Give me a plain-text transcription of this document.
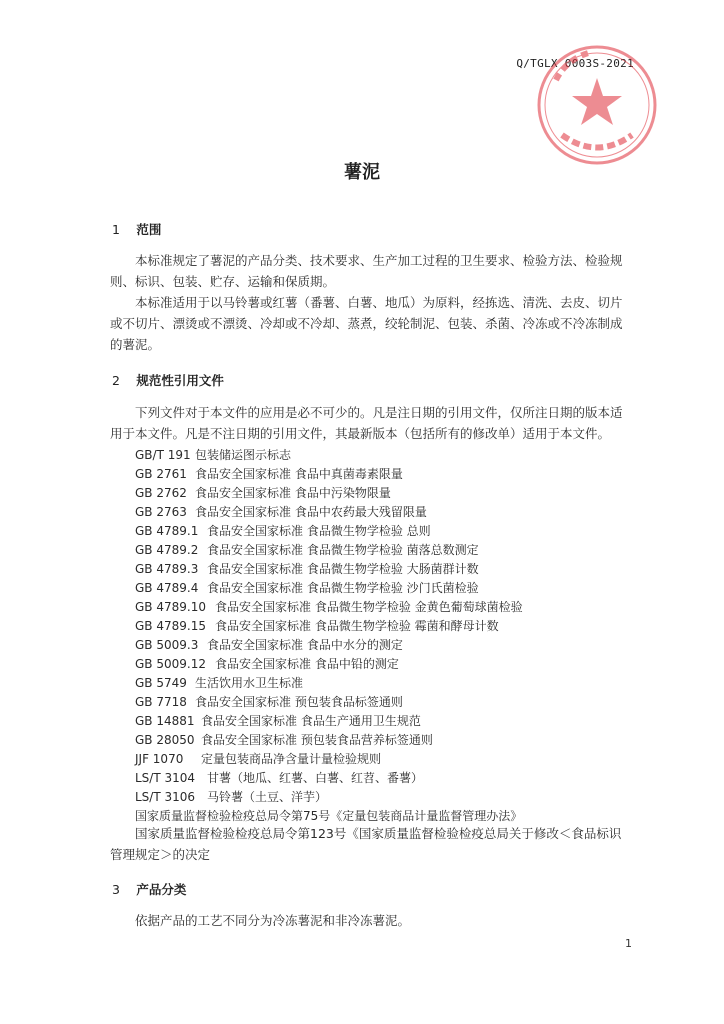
Q/TGLX 0003S-2021
薯泥
1 范围
本标准规定了薯泥的产品分类、技术要求、生产加工过程的卫生要求、检验方法、检验规则、标识、包装、贮存、运输和保质期。
本标准适用于以马铃薯或红薯（番薯、白薯、地瓜）为原料，经拣选、清洗、去皮、切片或不切片、漂烫或不漂烫、冷却或不冷却、蒸煮，绞轮制泥、包装、杀菌、冷冻或不冷冻制成的薯泥。
2 规范性引用文件
下列文件对于本文件的应用是必不可少的。凡是注日期的引用文件，仅所注日期的版本适用于本文件。凡是不注日期的引用文件，其最新版本（包括所有的修改单）适用于本文件。
GB/T 191 包装储运图示标志
GB 2761 食品安全国家标准 食品中真菌毒素限量
GB 2762 食品安全国家标准 食品中污染物限量
GB 2763 食品安全国家标准 食品中农药最大残留限量
GB 4789.1 食品安全国家标准 食品微生物学检验 总则
GB 4789.2 食品安全国家标准 食品微生物学检验 菌落总数测定
GB 4789.3 食品安全国家标准 食品微生物学检验 大肠菌群计数
GB 4789.4 食品安全国家标准 食品微生物学检验 沙门氏菌检验
GB 4789.10 食品安全国家标准 食品微生物学检验 金黄色葡萄球菌检验
GB 4789.15 食品安全国家标准 食品微生物学检验 霉菌和酵母计数
GB 5009.3 食品安全国家标准 食品中水分的测定
GB 5009.12 食品安全国家标准 食品中铅的测定
GB 5749 生活饮用水卫生标准
GB 7718 食品安全国家标准 预包装食品标签通则
GB 14881 食品安全国家标准 食品生产通用卫生规范
GB 28050 食品安全国家标准 预包装食品营养标签通则
JJF 1070 定量包装商品净含量计量检验规则
LS/T 3104 甘薯（地瓜、红薯、白薯、红苕、番薯）
LS/T 3106 马铃薯（土豆、洋芋）
国家质量监督检验检疫总局令第75号《定量包装商品计量监督管理办法》
国家质量监督检验检疫总局令第123号《国家质量监督检验检疫总局关于修改＜食品标识管理规定＞的决定
3 产品分类
依据产品的工艺不同分为冷冻薯泥和非冷冻薯泥。
1
